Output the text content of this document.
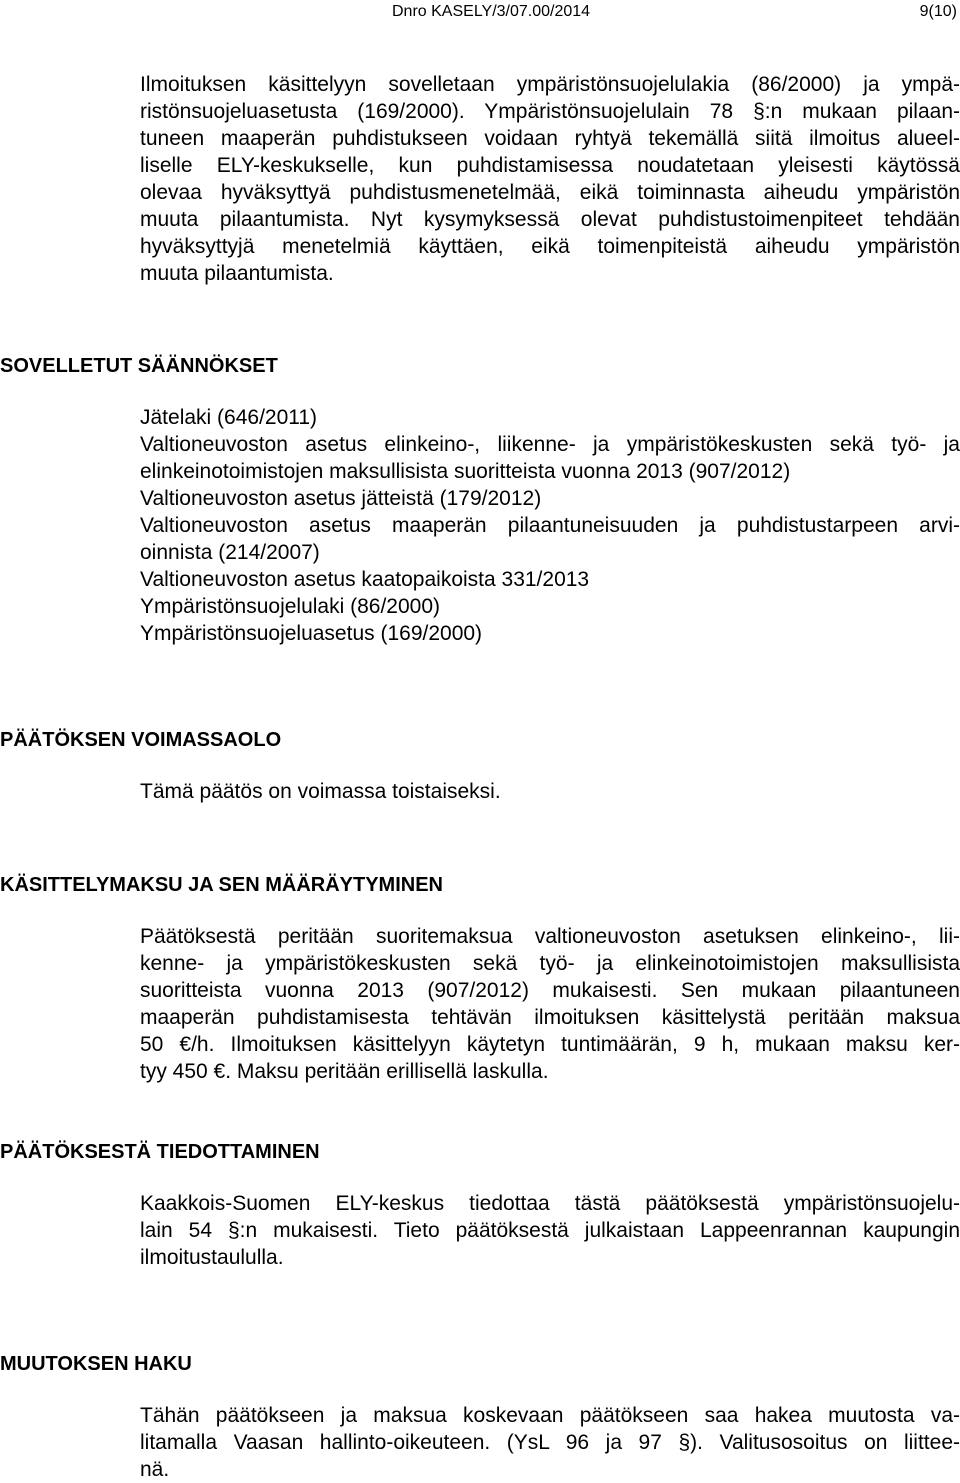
Dnro KASELY/3/07.00/2014	9(10)
Ilmoituksen käsittelyyn sovelletaan ympäristönsuojelulakia (86/2000) ja ympä-
ristönsuojeluasetusta (169/2000). Ympäristönsuojelulain 78 §:n mukaan pilaan-
tuneen maaperän puhdistukseen voidaan ryhtyä tekemällä siitä ilmoitus alueel-
liselle ELY-keskukselle, kun puhdistamisessa noudatetaan yleisesti käytössä
olevaa hyväksyttyä puhdistusmenetelmää, eikä toiminnasta aiheudu ympäristön
muuta pilaantumista. Nyt kysymyksessä olevat puhdistustoimenpiteet tehdään
hyväksyttyjä menetelmiä käyttäen, eikä toimenpiteistä aiheudu ympäristön
muuta pilaantumista.
SOVELLETUT SÄÄNNÖKSET
Jätelaki (646/2011)
Valtioneuvoston asetus elinkeino-, liikenne- ja ympäristökeskusten sekä työ- ja
elinkeinotoimistojen maksullisista suoritteista vuonna 2013 (907/2012)
Valtioneuvoston asetus jätteistä (179/2012)
Valtioneuvoston asetus maaperän pilaantuneisuuden ja puhdistustarpeen arvi-
oinnista (214/2007)
Valtioneuvoston asetus kaatopaikoista 331/2013
Ympäristönsuojelulaki (86/2000)
Ympäristönsuojeluasetus (169/2000)
PÄÄTÖKSEN VOIMASSAOLO
Tämä päätös on voimassa toistaiseksi.
KÄSITTELYMAKSU JA SEN MÄÄRÄYTYMINEN
Päätöksestä peritään suoritemaksua valtioneuvoston asetuksen elinkeino-, lii-
kenne- ja ympäristökeskusten sekä työ- ja elinkeinotoimistojen maksullisista
suoritteista vuonna 2013 (907/2012) mukaisesti. Sen mukaan pilaantuneen
maaperän puhdistamisesta tehtävän ilmoituksen käsittelystä peritään maksua
50 €/h. Ilmoituksen käsittelyyn käytetyn tuntimäärän, 9 h, mukaan maksu ker-
tyy 450 €. Maksu peritään erillisellä laskulla.
PÄÄTÖKSESTÄ TIEDOTTAMINEN
Kaakkois-Suomen ELY-keskus tiedottaa tästä päätöksestä ympäristönsuojelu-
lain 54 §:n mukaisesti. Tieto päätöksestä julkaistaan Lappeenrannan kaupungin
ilmoitustaululla.
MUUTOKSEN HAKU
Tähän päätökseen ja maksua koskevaan päätökseen saa hakea muutosta va-
litamalla Vaasan hallinto-oikeuteen. (YsL 96 ja 97 §). Valitusosoitus on liittee-
nä.
